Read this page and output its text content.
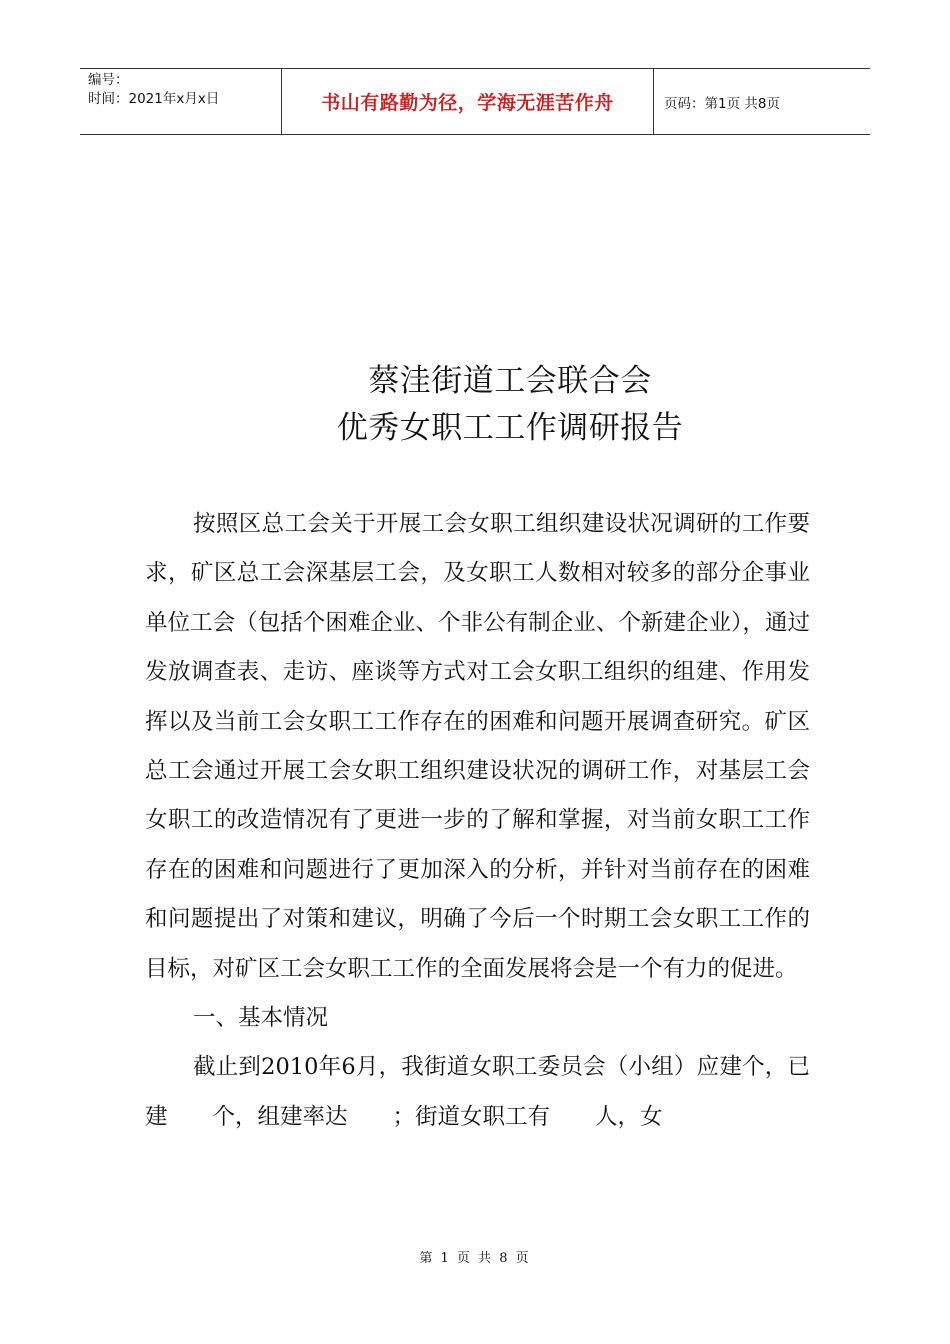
编号：
时间：2021年x月x日	书山有路勤为径，学海无涯苦作舟	页码：第1页 共8页
蔡洼街道工会联合会
优秀女职工工作调研报告

按照区总工会关于开展工会女职工组织建设状况调研的工作要求，矿区总工会深基层工会，及女职工人数相对较多的部分企事业单位工会（包括个困难企业、个非公有制企业、个新建企业），通过发放调查表、走访、座谈等方式对工会女职工组织的组建、作用发挥以及当前工会女职工工作存在的困难和问题开展调查研究。矿区总工会通过开展工会女职工组织建设状况的调研工作，对基层工会女职工的改造情况有了更进一步的了解和掌握，对当前女职工工作存在的困难和问题进行了更加深入的分析，并针对当前存在的困难和问题提出了对策和建议，明确了今后一个时期工会女职工工作的目标，对矿区工会女职工工作的全面发展将会是一个有力的促进。

一、基本情况

截止到2010年6月，我街道女职工委员会（小组）应建个，已建　　个，组建率达　　；街道女职工有　　人，女

第 1 页 共 8 页
